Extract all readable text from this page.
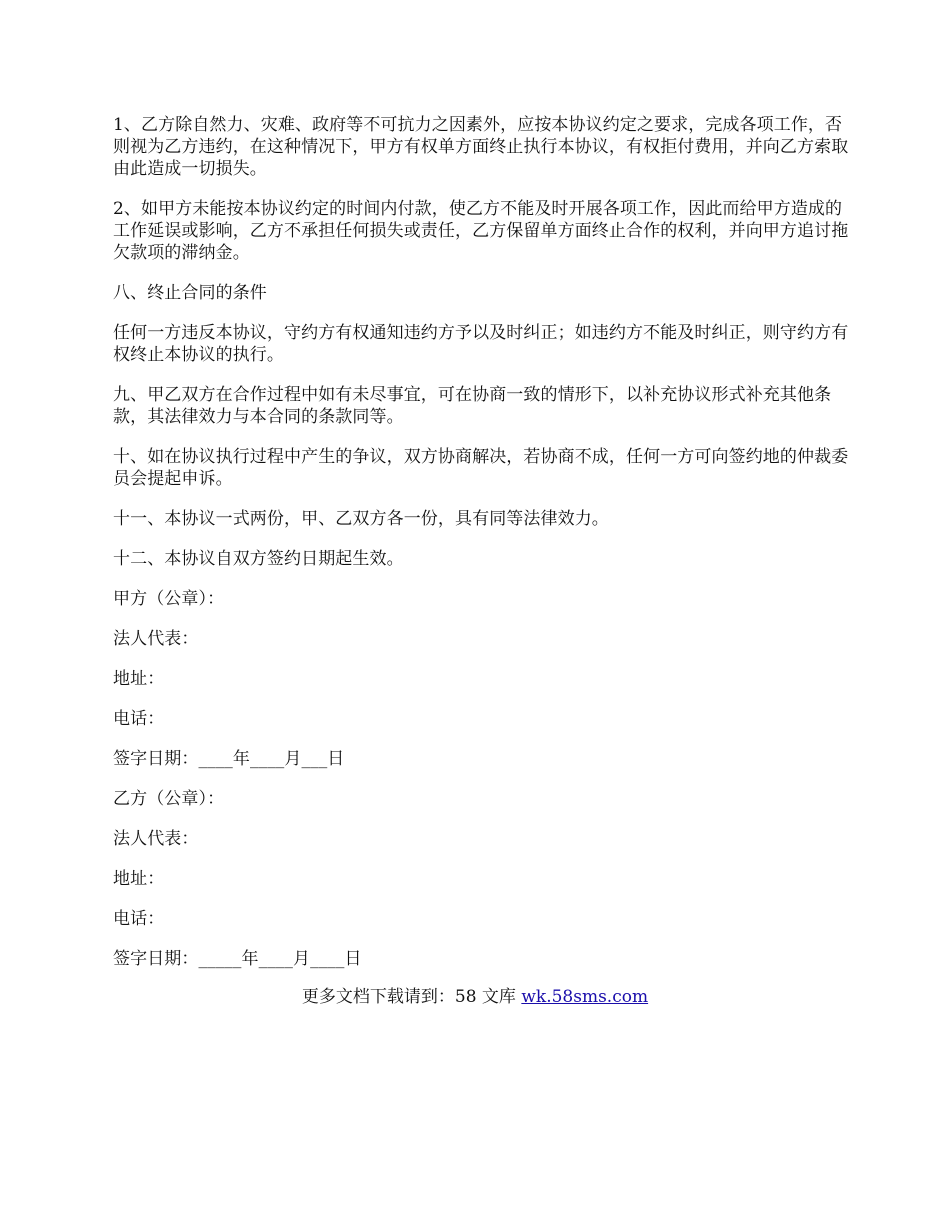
1、乙方除自然力、灾难、政府等不可抗力之因素外，应按本协议约定之要求，完成各项工作，否则视为乙方违约，在这种情况下，甲方有权单方面终止执行本协议，有权拒付费用，并向乙方索取由此造成一切损失。

2、如甲方未能按本协议约定的时间内付款，使乙方不能及时开展各项工作，因此而给甲方造成的工作延误或影响，乙方不承担任何损失或责任，乙方保留单方面终止合作的权利，并向甲方追讨拖欠款项的滞纳金。

八、终止合同的条件

任何一方违反本协议，守约方有权通知违约方予以及时纠正；如违约方不能及时纠正，则守约方有权终止本协议的执行。

九、甲乙双方在合作过程中如有未尽事宜，可在协商一致的情形下，以补充协议形式补充其他条款，其法律效力与本合同的条款同等。

十、如在协议执行过程中产生的争议，双方协商解决，若协商不成，任何一方可向签约地的仲裁委员会提起申诉。

十一、本协议一式两份，甲、乙双方各一份，具有同等法律效力。

十二、本协议自双方签约日期起生效。

甲方（公章）：

法人代表：

地址：

电话：

签字日期：____年____月___日

乙方（公章）：

法人代表：

地址：

电话：

签字日期：_____年____月____日

更多文档下载请到：58 文库 wk.58sms.com
